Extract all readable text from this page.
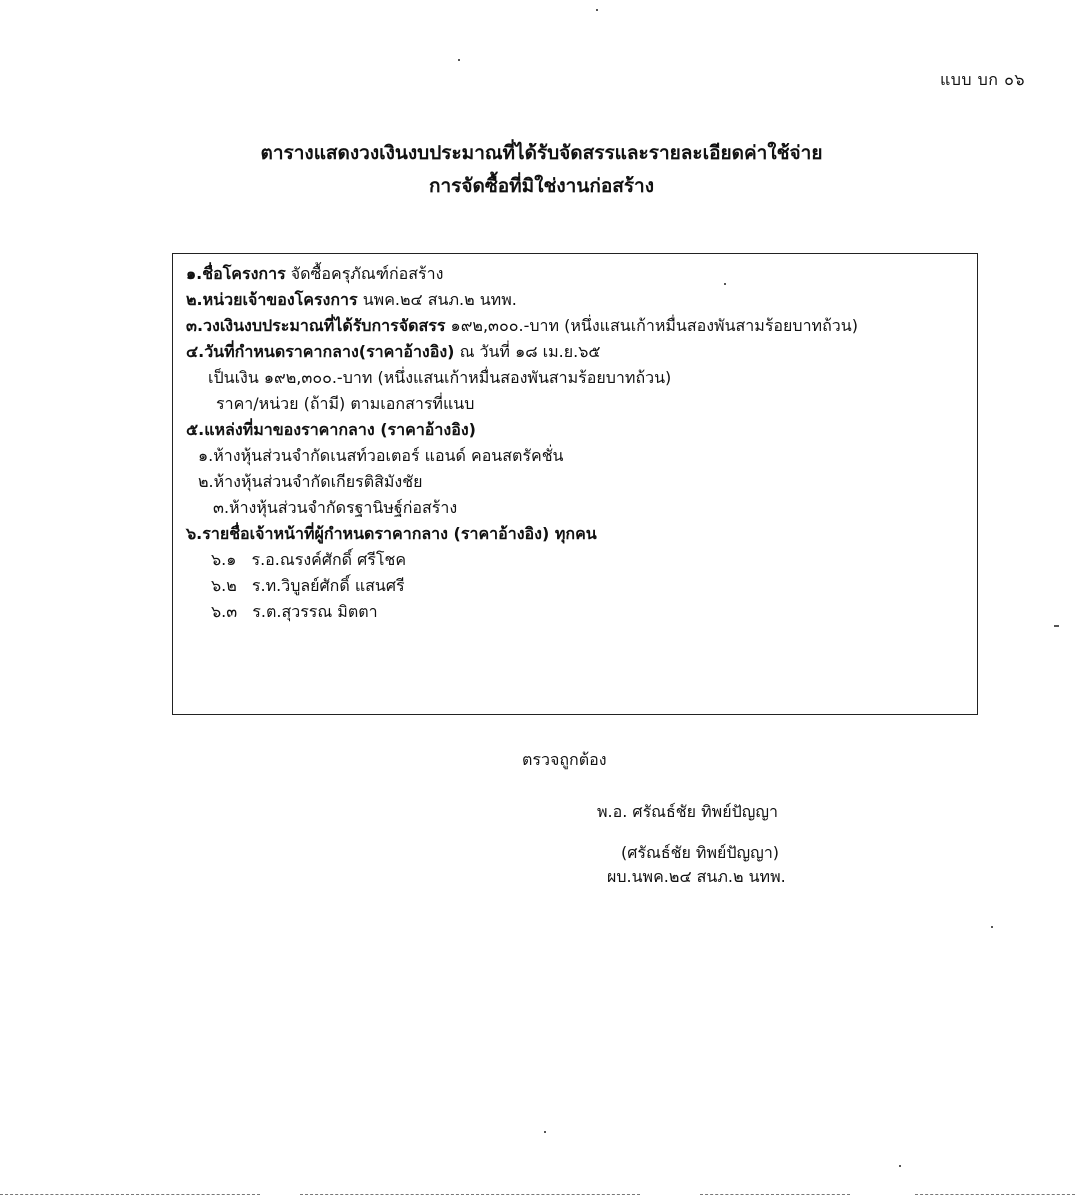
แบบ บก ๐๖
ตารางแสดงวงเงินงบประมาณที่ได้รับจัดสรรและรายละเอียดค่าใช้จ่าย
การจัดซื้อที่มิใช่งานก่อสร้าง
๑.ชื่อโครงการ จัดซื้อครุภัณฑ์ก่อสร้าง
๒.หน่วยเจ้าของโครงการ นพค.๒๔ สนภ.๒ นทพ.
๓.วงเงินงบประมาณที่ได้รับการจัดสรร ๑๙๒,๓๐๐.-บาท (หนึ่งแสนเก้าหมื่นสองพันสามร้อยบาทถ้วน)
๔.วันที่กำหนดราคากลาง(ราคาอ้างอิง) ณ วันที่ ๑๘ เม.ย.๖๕
เป็นเงิน ๑๙๒,๓๐๐.-บาท (หนึ่งแสนเก้าหมื่นสองพันสามร้อยบาทถ้วน)
ราคา/หน่วย (ถ้ามี) ตามเอกสารที่แนบ
๕.แหล่งที่มาของราคากลาง (ราคาอ้างอิง)
๑.ห้างหุ้นส่วนจำกัดเนสท์วอเตอร์ แอนด์ คอนสตรัคชั่น
๒.ห้างหุ้นส่วนจำกัดเกียรติสิมังชัย
๓.ห้างหุ้นส่วนจำกัดรฐานิษฐ์ก่อสร้าง
๖.รายชื่อเจ้าหน้าที่ผู้กำหนดราคากลาง (ราคาอ้างอิง) ทุกคน
๖.๑ ร.อ.ณรงค์ศักดิ์ ศรีโชค
๖.๒ ร.ท.วิบูลย์ศักดิ์ แสนศรี
๖.๓ ร.ต.สุวรรณ มิตตา
ตรวจถูกต้อง
พ.อ. ศรัณธ์ชัย ทิพย์ปัญญา
(ศรัณธ์ชัย ทิพย์ปัญญา)
ผบ.นพค.๒๔ สนภ.๒ นทพ.
